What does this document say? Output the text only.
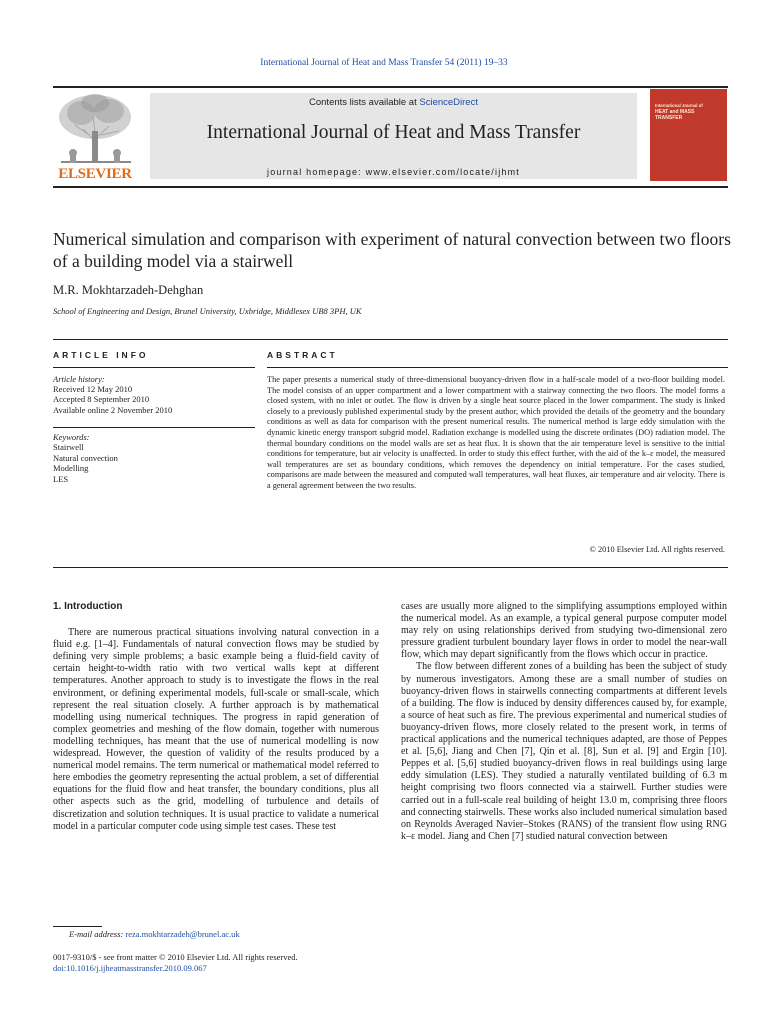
International Journal of Heat and Mass Transfer 54 (2011) 19–33
ELSEVIER
Contents lists available at ScienceDirect
International Journal of Heat and Mass Transfer
journal homepage: www.elsevier.com/locate/ijhmt
International Journal of
HEAT and MASS TRANSFER
Numerical simulation and comparison with experiment of natural convection between two floors of a building model via a stairwell
M.R. Mokhtarzadeh-Dehghan
School of Engineering and Design, Brunel University, Uxbridge, Middlesex UB8 3PH, UK
ARTICLE INFO	ABSTRACT
Article history:
Received 12 May 2010
Accepted 8 September 2010
Available online 2 November 2010
Keywords:
Stairwell
Natural convection
Modelling
LES
The paper presents a numerical study of three-dimensional buoyancy-driven flow in a half-scale model of a two-floor building model. The model consists of an upper compartment and a lower compartment with a stairway connecting the two floors. The model forms a closed system, with no inlet or outlet. The flow is driven by a single heat source placed in the lower compartment. The study is linked closely to a previously published experimental study by the present author, which provided the details of the geometry and the boundary conditions as well as data for comparison with the present numerical results. The numerical method is large eddy simulation with the dynamic kinetic energy transport subgrid model. Radiation exchange is modelled using the discrete ordinates (DO) radiation model. The thermal boundary conditions on the model walls are set as heat flux. It is shown that the air temperature level is sensitive to the initial conditions for temperature, but air velocity is unaffected. In order to study this effect further, with the aid of the k–ε model, the measured wall temperatures are set as boundary conditions, which removes the dependency on initial temperature. For the cases studied, comparisons are made between the measured and computed wall temperatures, wall heat fluxes, air temperature and air velocity. There is a general agreement between the two results.
© 2010 Elsevier Ltd. All rights reserved.

1. Introduction

There are numerous practical situations involving natural convection in a fluid e.g. [1–4]. Fundamentals of natural convection flows may be studied by defining very simple problems; a basic example being a fluid-field cavity of certain height-to-width ratio with two vertical walls kept at different temperatures. Another approach to study is to investigate the flows in the real environment, or defining experimental models, full-scale or small-scale, which represent the real situation closely. A further approach is by mathematical modelling using numerical techniques. The progress in rapid generation of complex geometries and meshing of the flow domain, together with numerous modelling techniques, has meant that the use of numerical modelling is now widespread. However, the question of validity of the results produced by a numerical model remains. The term numerical or mathematical model referred to here embodies the geometry representing the actual problem, a set of differential equations for the fluid flow and heat transfer, the boundary conditions, plus all other aspects such as the grid, modelling of turbulence and details of discretization and solution techniques. It is usual practice to validate a numerical model in a particular computer code using simple test cases. These test

cases are usually more aligned to the simplifying assumptions employed within the numerical model. As an example, a typical general purpose computer model may rely on using relationships derived from studying two-dimensional zero pressure gradient turbulent boundary layer flows in order to model the near-wall flow, which may depart significantly from the flows which occur in practice.

The flow between different zones of a building has been the subject of study by numerous investigators. Among these are a small number of studies on buoyancy-driven flows in stairwells connecting compartments at different levels of a building. The flow is induced by density differences caused by, for example, a source of heat such as fire. The previous experimental and numerical studies of buoyancy-driven flows, more closely related to the present work, in terms of practical applications and the numerical techniques adapted, are those of Peppes et al. [5,6], Jiang and Chen [7], Qin et al. [8], Sun et al. [9] and Ergin [10]. Peppes et al. [5,6] studied buoyancy-driven flows in real buildings using large eddy simulation (LES). They studied a naturally ventilated building of 6.3 m height comprising two floors connected via a stairwell. Further studies were carried out in a full-scale real building of height 13.0 m, comprising three floors and connecting stairwells. These works also included numerical simulation based on Reynolds Averaged Navier–Stokes (RANS) of the transient flow using RNG k–ε model. Jiang and Chen [7] studied natural convection between

E-mail address: reza.mokhtarzadeh@brunel.ac.uk
0017-9310/$ - see front matter © 2010 Elsevier Ltd. All rights reserved.
doi:10.1016/j.ijheatmasstransfer.2010.09.067
